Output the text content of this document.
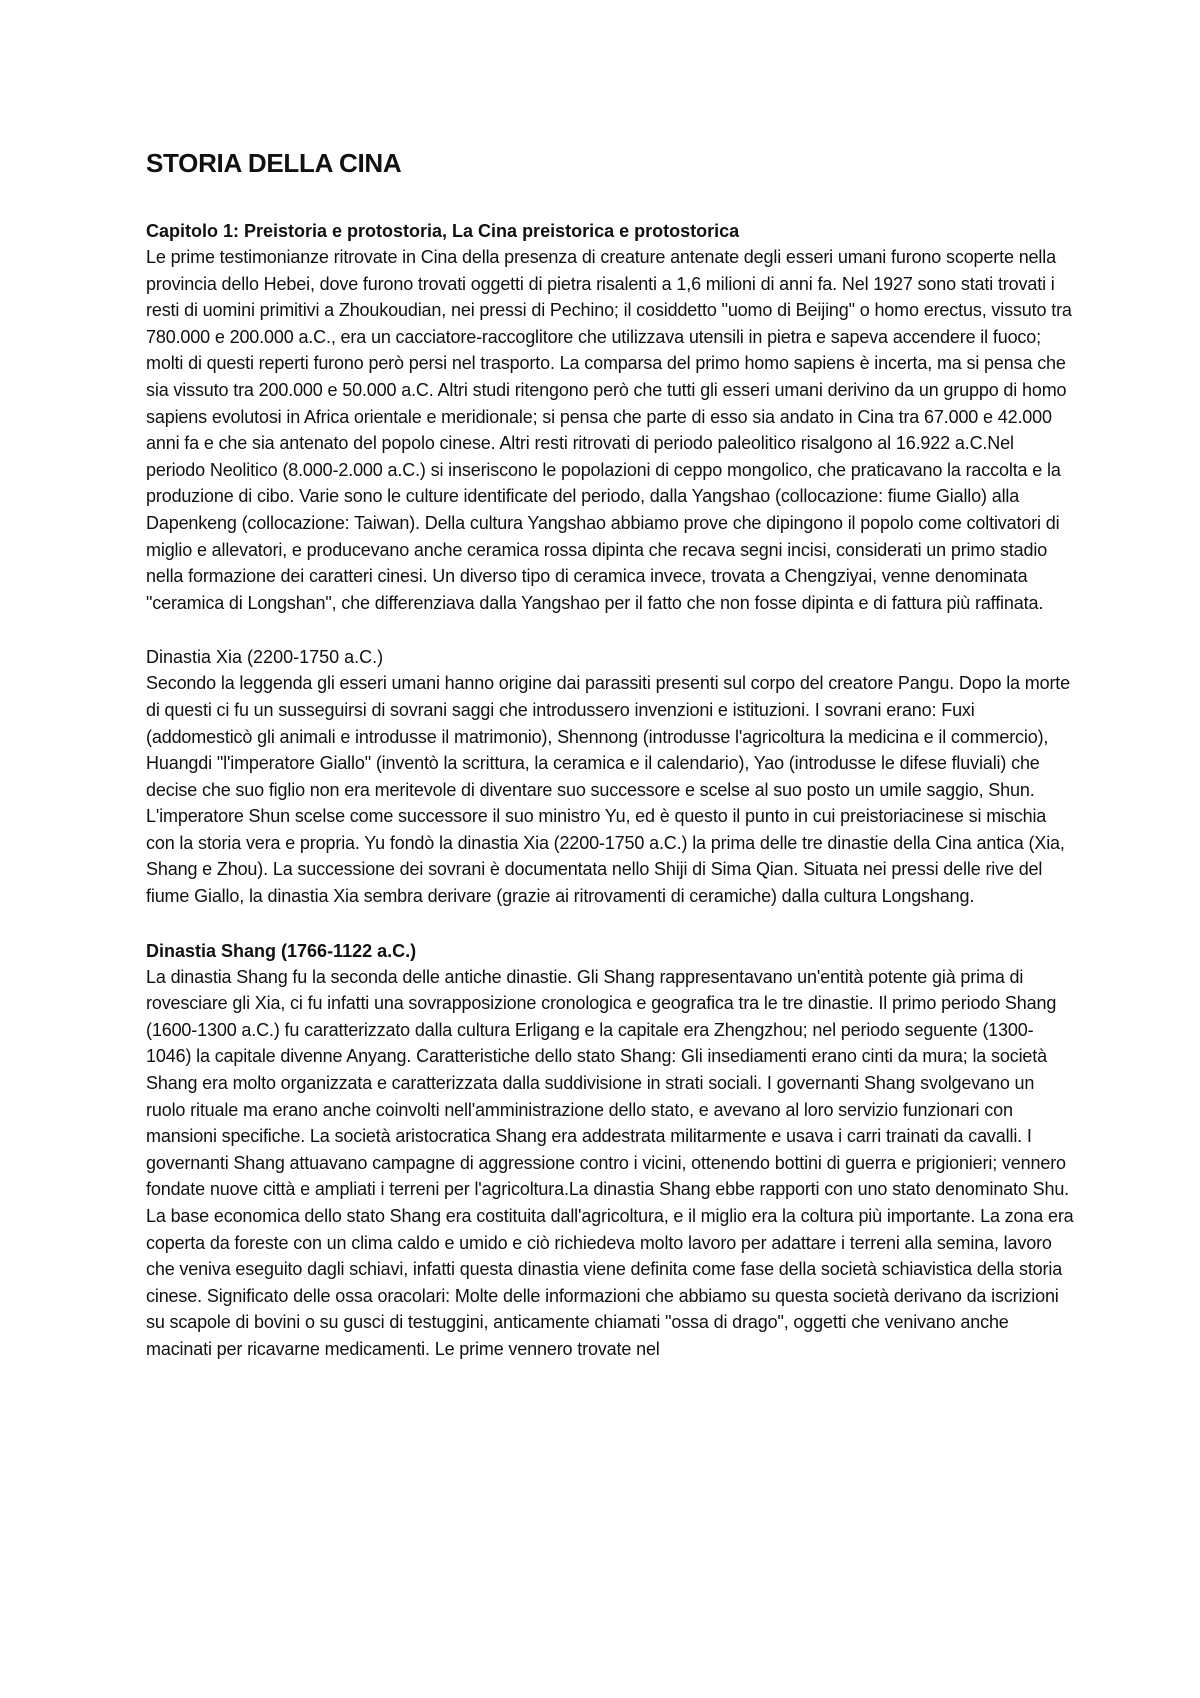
STORIA DELLA CINA

Capitolo 1: Preistoria e protostoria, La Cina preistorica e protostorica

Le prime testimonianze ritrovate in Cina della presenza di creature antenate degli esseri umani furono scoperte nella provincia dello Hebei, dove furono trovati oggetti di pietra risalenti a 1,6 milioni di anni fa. Nel 1927 sono stati trovati i resti di uomini primitivi a Zhoukoudian, nei pressi di Pechino; il cosiddetto "uomo di Beijing" o homo erectus, vissuto tra 780.000 e 200.000 a.C., era un cacciatore-raccoglitore che utilizzava utensili in pietra e sapeva accendere il fuoco; molti di questi reperti furono però persi nel trasporto. La comparsa del primo homo sapiens è incerta, ma si pensa che sia vissuto tra 200.000 e 50.000 a.C. Altri studi ritengono però che tutti gli esseri umani derivino da un gruppo di homo sapiens evolutosi in Africa orientale e meridionale; si pensa che parte di esso sia andato in Cina tra 67.000 e 42.000 anni fa e che sia antenato del popolo cinese. Altri resti ritrovati di periodo paleolitico risalgono al 16.922 a.C.Nel periodo Neolitico (8.000-2.000 a.C.) si inseriscono le popolazioni di ceppo mongolico, che praticavano la raccolta e la produzione di cibo. Varie sono le culture identificate del periodo, dalla Yangshao (collocazione: fiume Giallo) alla Dapenkeng (collocazione: Taiwan). Della cultura Yangshao abbiamo prove che dipingono il popolo come coltivatori di miglio e allevatori, e producevano anche ceramica rossa dipinta che recava segni incisi, considerati un primo stadio nella formazione dei caratteri cinesi. Un diverso tipo di ceramica invece, trovata a Chengziyai, venne denominata "ceramica di Longshan", che differenziava dalla Yangshao per il fatto che non fosse dipinta e di fattura più raffinata.

Dinastia Xia (2200-1750 a.C.)

Secondo la leggenda gli esseri umani hanno origine dai parassiti presenti sul corpo del creatore Pangu. Dopo la morte di questi ci fu un susseguirsi di sovrani saggi che introdussero invenzioni e istituzioni. I sovrani erano: Fuxi (addomesticò gli animali e introdusse il matrimonio), Shennong (introdusse l'agricoltura la medicina e il commercio), Huangdi "l'imperatore Giallo" (inventò la scrittura, la ceramica e il calendario), Yao (introdusse le difese fluviali) che decise che suo figlio non era meritevole di diventare suo successore e scelse al suo posto un umile saggio, Shun. L'imperatore Shun scelse come successore il suo ministro Yu, ed è questo il punto in cui preistoriacinese si mischia con la storia vera e propria. Yu fondò la dinastia Xia (2200-1750 a.C.) la prima delle tre dinastie della Cina antica (Xia, Shang e Zhou). La successione dei sovrani è documentata nello Shiji di Sima Qian. Situata nei pressi delle rive del fiume Giallo, la dinastia Xia sembra derivare (grazie ai ritrovamenti di ceramiche) dalla cultura Longshang.

Dinastia Shang (1766-1122 a.C.)

La dinastia Shang fu la seconda delle antiche dinastie. Gli Shang rappresentavano un'entità potente già prima di rovesciare gli Xia, ci fu infatti una sovrapposizione cronologica e geografica tra le tre dinastie. Il primo periodo Shang (1600-1300 a.C.) fu caratterizzato dalla cultura Erligang e la capitale era Zhengzhou; nel periodo seguente (1300-1046) la capitale divenne Anyang. Caratteristiche dello stato Shang: Gli insediamenti erano cinti da mura; la società Shang era molto organizzata e caratterizzata dalla suddivisione in strati sociali. I governanti Shang svolgevano un ruolo rituale ma erano anche coinvolti nell'amministrazione dello stato, e avevano al loro servizio funzionari con mansioni specifiche. La società aristocratica Shang era addestrata militarmente e usava i carri trainati da cavalli. I governanti Shang attuavano campagne di aggressione contro i vicini, ottenendo bottini di guerra e prigionieri; vennero fondate nuove città e ampliati i terreni per l'agricoltura.La dinastia Shang ebbe rapporti con uno stato denominato Shu. La base economica dello stato Shang era costituita dall'agricoltura, e il miglio era la coltura più importante. La zona era coperta da foreste con un clima caldo e umido e ciò richiedeva molto lavoro per adattare i terreni alla semina, lavoro che veniva eseguito dagli schiavi, infatti questa dinastia viene definita come fase della società schiavistica della storia cinese. Significato delle ossa oracolari: Molte delle informazioni che abbiamo su questa società derivano da iscrizioni su scapole di bovini o su gusci di testuggini, anticamente chiamati "ossa di drago", oggetti che venivano anche macinati per ricavarne medicamenti. Le prime vennero trovate nel
